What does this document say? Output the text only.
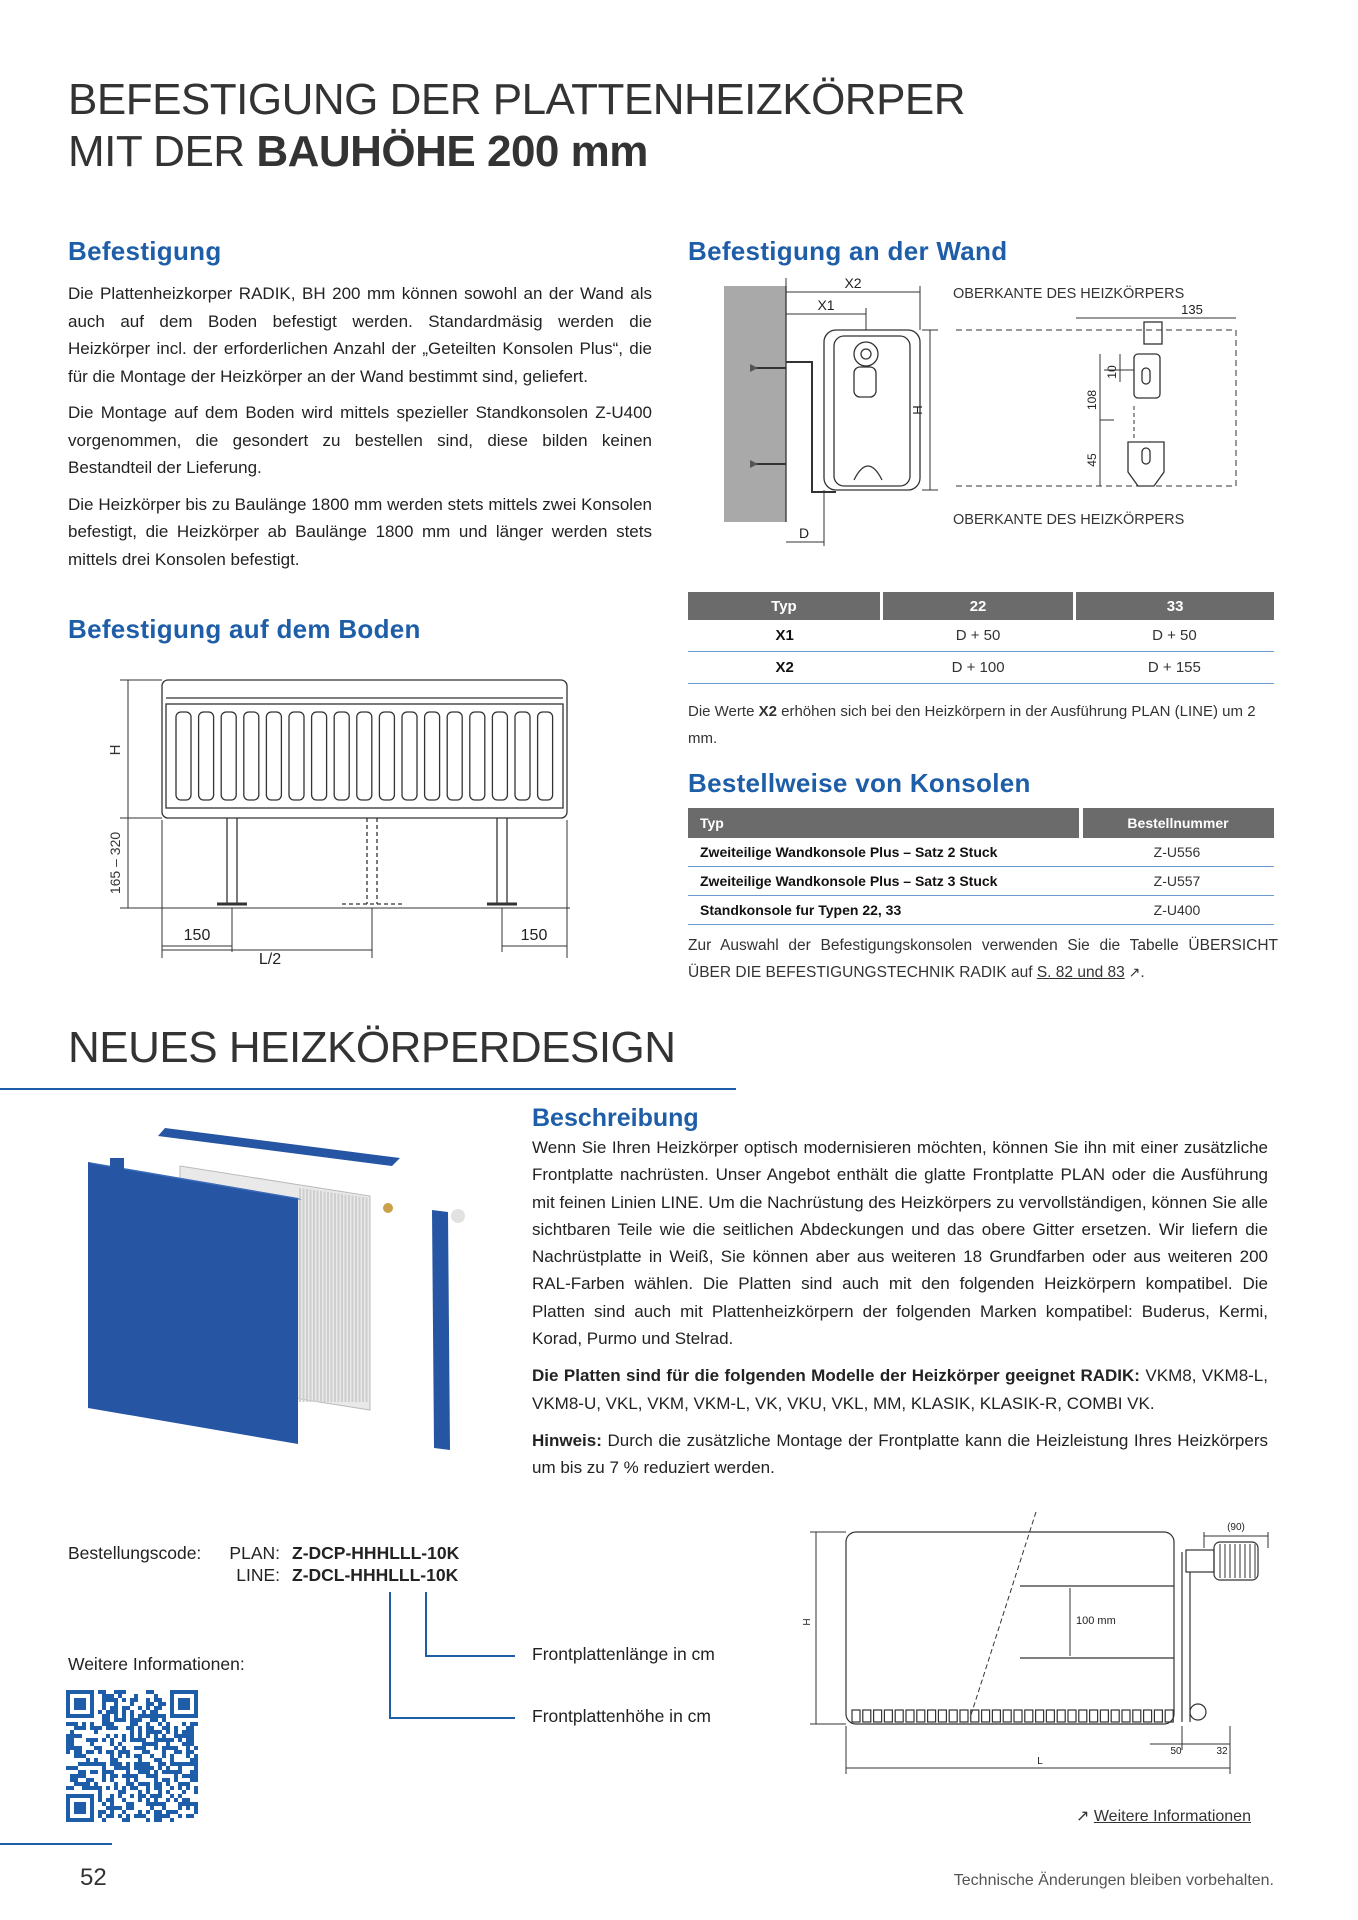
BEFESTIGUNG DER PLATTENHEIZKÖRPER
MIT DER BAUHÖHE 200 mm
Befestigung

Die Plattenheizkorper RADIK, BH 200 mm können sowohl an der Wand als auch auf dem Boden befestigt werden. Standardmäsig werden die Heizkörper incl. der erforderlichen Anzahl der „Geteilten Konsolen Plus“, die für die Montage der Heizkörper an der Wand bestimmt sind, geliefert.

Die Montage auf dem Boden wird mittels spezieller Standkonsolen Z-U400 vorgenommen, die gesondert zu bestellen sind, diese bilden keinen Bestandteil der Lieferung.

Die Heizkörper bis zu Baulänge 1800 mm werden stets mittels zwei Konsolen befestigt, die Heizkörper ab Baulänge 1800 mm und länger werden stets mittels drei Konsolen befestigt.

Befestigung auf dem Boden
H
165 – 320
150
L/2
150
Befestigung an der Wand
X2
X1
H
D
OBERKANTE DES HEIZKÖRPERS
OBERKANTE DES HEIZKÖRPERS
135
10
108
45
Typ	22	33
X1	D + 50	D + 50
X2	D + 100	D + 155
Die Werte X2 erhöhen sich bei den Heizkörpern in der Ausführung PLAN (LINE) um 2 mm.
Bestellweise von Konsolen
Typ	Bestellnummer
Zweiteilige Wandkonsole Plus – Satz 2 Stuck	Z-U556
Zweiteilige Wandkonsole Plus – Satz 3 Stuck	Z-U557
Standkonsole fur Typen 22, 33	Z-U400
Zur Auswahl der Befestigungskonsolen verwenden Sie die Tabelle ÜBERSICHT ÜBER DIE BEFESTIGUNGSTECHNIK RADIK auf S. 82 und 83 ↗.
NEUES HEIZKÖRPERDESIGN
Beschreibung

Wenn Sie Ihren Heizkörper optisch modernisieren möchten, können Sie ihn mit einer zusätzliche Frontplatte nachrüsten. Unser Angebot enthält die glatte Frontplatte PLAN oder die Ausführung mit feinen Linien LINE. Um die Nachrüstung des Heizkörpers zu vervollständigen, können Sie alle sichtbaren Teile wie die seitlichen Abdeckungen und das obere Gitter ersetzen. Wir liefern die Nachrüstplatte in Weiß, Sie können aber aus weiteren 18 Grundfarben oder aus weiteren 200 RAL-Farben wählen. Die Platten sind auch mit den folgenden Heizkörpern kompatibel. Die Platten sind auch mit Plattenheizkörpern der folgenden Marken kompatibel: Buderus, Kermi, Korad, Purmo und Stelrad.

Die Platten sind für die folgenden Modelle der Heizkörper geeignet RADIK: VKM8, VKM8-L, VKM8-U, VKL, VKM, VKM-L, VK, VKU, VKL, MM, KLASIK, KLASIK-R, COMBI VK.

Hinweis: Durch die zusätzliche Montage der Frontplatte kann die Heizleistung Ihres Heizkörpers um bis zu 7 % reduziert werden.

Bestellungscode: PLAN: Z-DCP-HHHLLL-10K
LINE: Z-DCL-HHHLLL-10K
Frontplattenlänge in cm
Frontplattenhöhe in cm
Weitere Informationen:
(90)
H	100 mm
50	32
L
↗ Weitere Informationen
52	Technische Änderungen bleiben vorbehalten.
